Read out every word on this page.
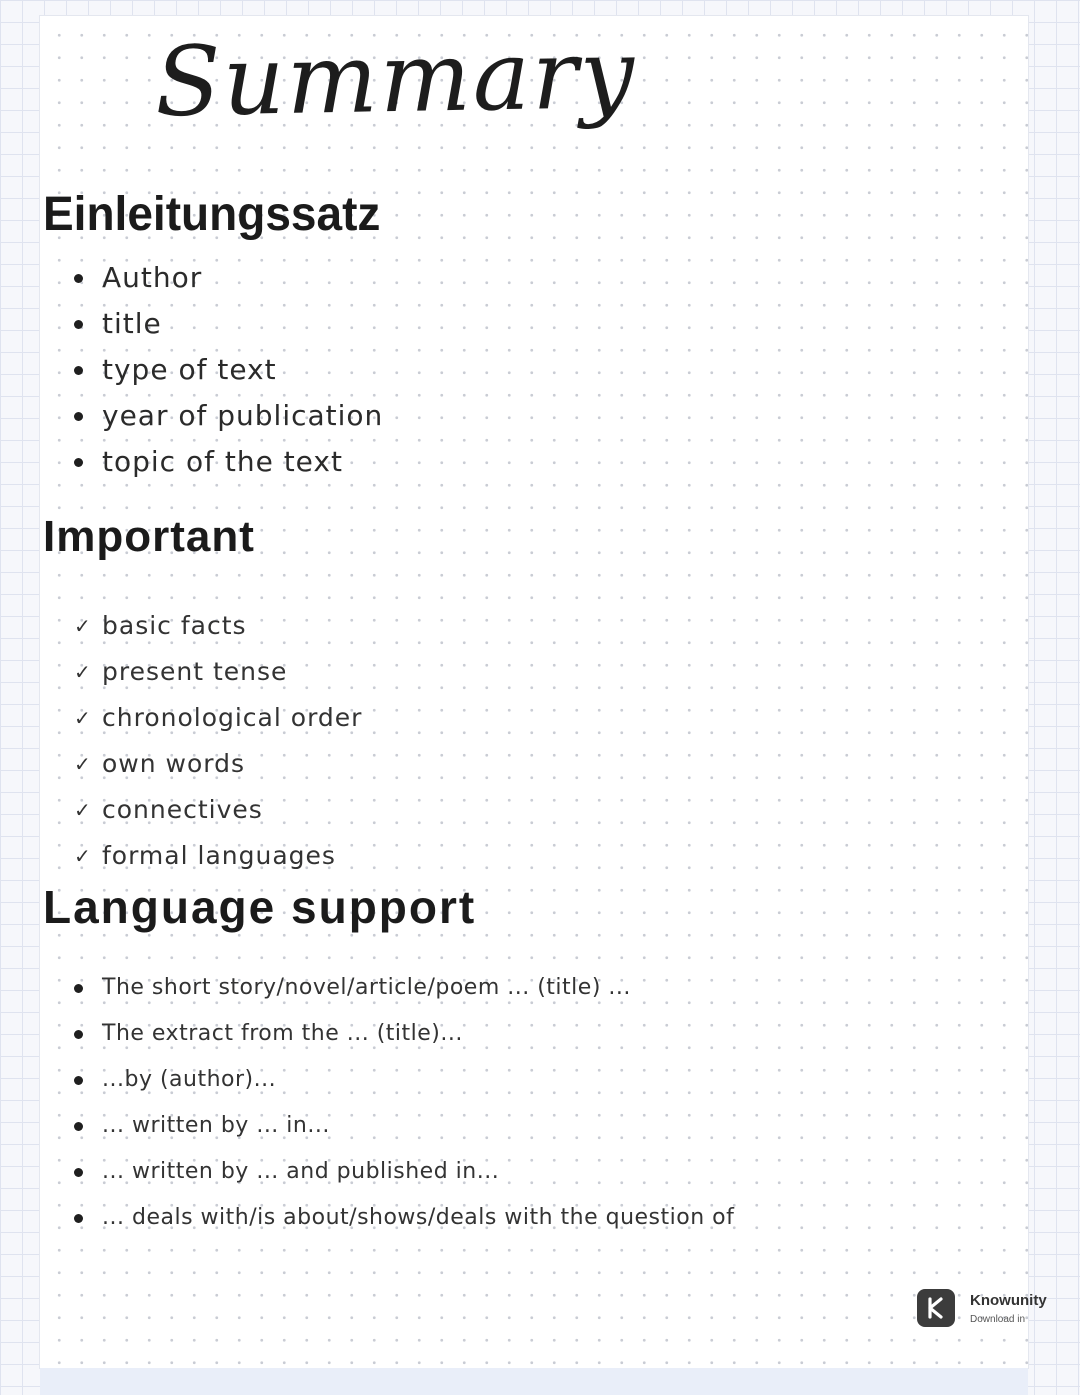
Summary
Einleitungssatz
Author
title
type of text
year of publication
topic of the text
Important
✓ basic facts
✓ present tense
✓ chronological order
✓ own words
✓ connectives
✓ formal languages
Language support
The short story/novel/article/poem ... (title) ...
The extract from the ... (title)...
...by (author)...
... written by ... in...
... written by ... and published in...
... deals with/is about/shows/deals with the question of
Knowunity
Download in
